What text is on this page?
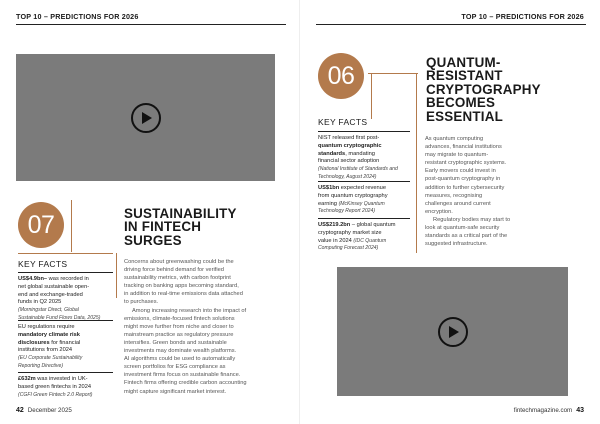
TOP 10 – PREDICTIONS FOR 2026	TOP 10 – PREDICTIONS FOR 2026
07	SUSTAINABILITY
IN FINTECH
SURGES
KEY FACTS
US$4.9bn– was recorded in
net global sustainable open-
end and exchange-traded
funds in Q2 2025
(Morningstar Direct, Global
Sustainable Fund Flows Data, 2025)
EU regulations require
mandatory climate risk
disclosures for financial
institutions from 2024
(EU Corporate Sustainability
Reporting Directive)
£632m was invested in UK-
based green fintechs in 2024
(CGFI Green Fintech 2.0 Report)

Concerns about greenwashing could be the
driving force behind demand for verified
sustainability metrics, with carbon footprint
tracking on banking apps becoming standard,
in addition to real-time emissions data attached
to purchases.

Among increasing research into the impact of
emissions, climate-focused fintech solutions
might move further from niche and closer to
mainstream practice as regulatory pressure
intensifies. Green bonds and sustainable
investments may dominate wealth platforms.
AI algorithms could be used to automatically
screen portfolios for ESG compliance as
investment firms focus on sustainable finance.
Fintech firms offering credible carbon accounting
might capture significant market interest.

42 December 2025
06	QUANTUM-
RESISTANT
CRYPTOGRAPHY
BECOMES
ESSENTIAL
KEY FACTS
NIST released first post-
quantum cryptographic
standards, mandating
financial sector adoption
(National Institute of Standards and
Technology, August 2024)
US$1bn expected revenue
from quantum cryptography
earning (McKinsey Quantum
Technology Report 2024)
US$219.2bn – global quantum
cryptography market size
value in 2024 (IDC Quantum
Computing Forecast 2024)

As quantum computing
advances, financial institutions
may migrate to quantum-
resistant cryptographic systems.
Early movers could invest in
post-quantum cryptography in
addition to further cybersecurity
measures, recognising
challenges around current
encryption.

Regulatory bodies may start to
look at quantum-safe security
standards as a critical part of the
suggested infrastructure.

fintechmagazine.com 43
